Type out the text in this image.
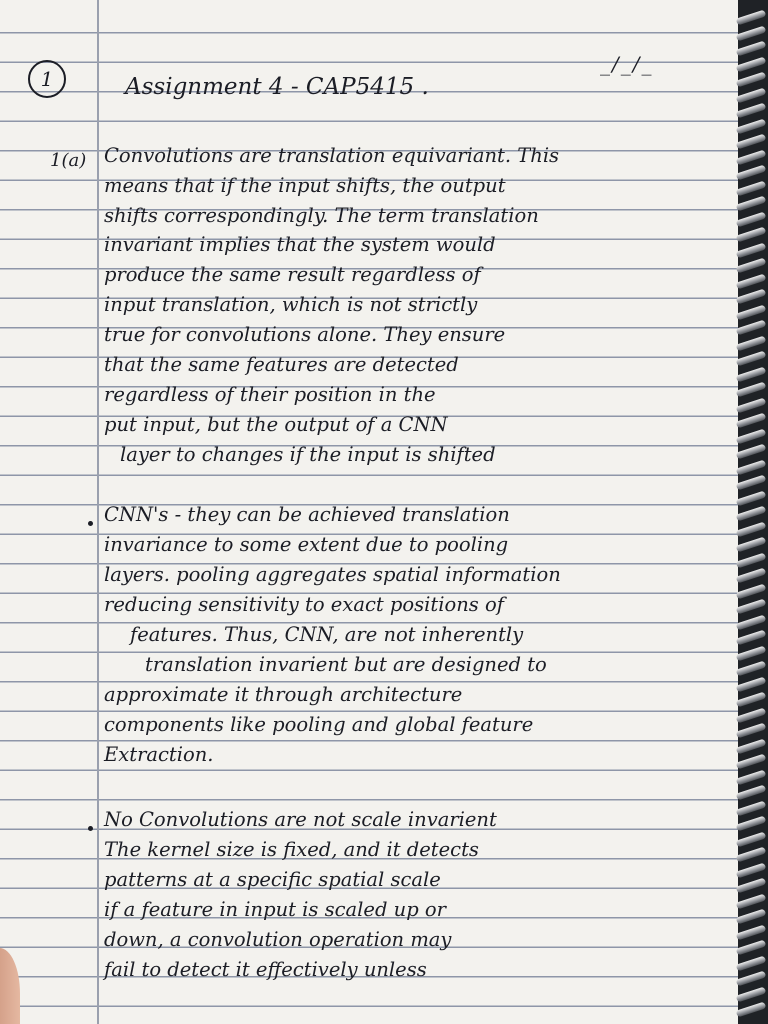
1	Assignment 4 - CAP5415 .

_/_/_

1(a) Convolutions are translation equivariant. This

means that if the input shifts, the output

shifts correspondingly. The term translation

invariant implies that the system would

produce the same result regardless of

input translation, which is not strictly

true for convolutions alone. They ensure

that the same features are detected

regardless of their position in the

put input, but the output of a CNN

layer to changes if the input is shifted

CNN's - they can be achieved translation

invariance to some extent due to pooling

layers. pooling aggregates spatial information

reducing sensitivity to exact positions of

features. Thus, CNN, are not inherently

translation invarient but are designed to

approximate it through architecture

components like pooling and global feature

Extraction.

No Convolutions are not scale invarient

The kernel size is fixed, and it detects

patterns at a specific spatial scale

if a feature in input is scaled up or

down, a convolution operation may

fail to detect it effectively unless
